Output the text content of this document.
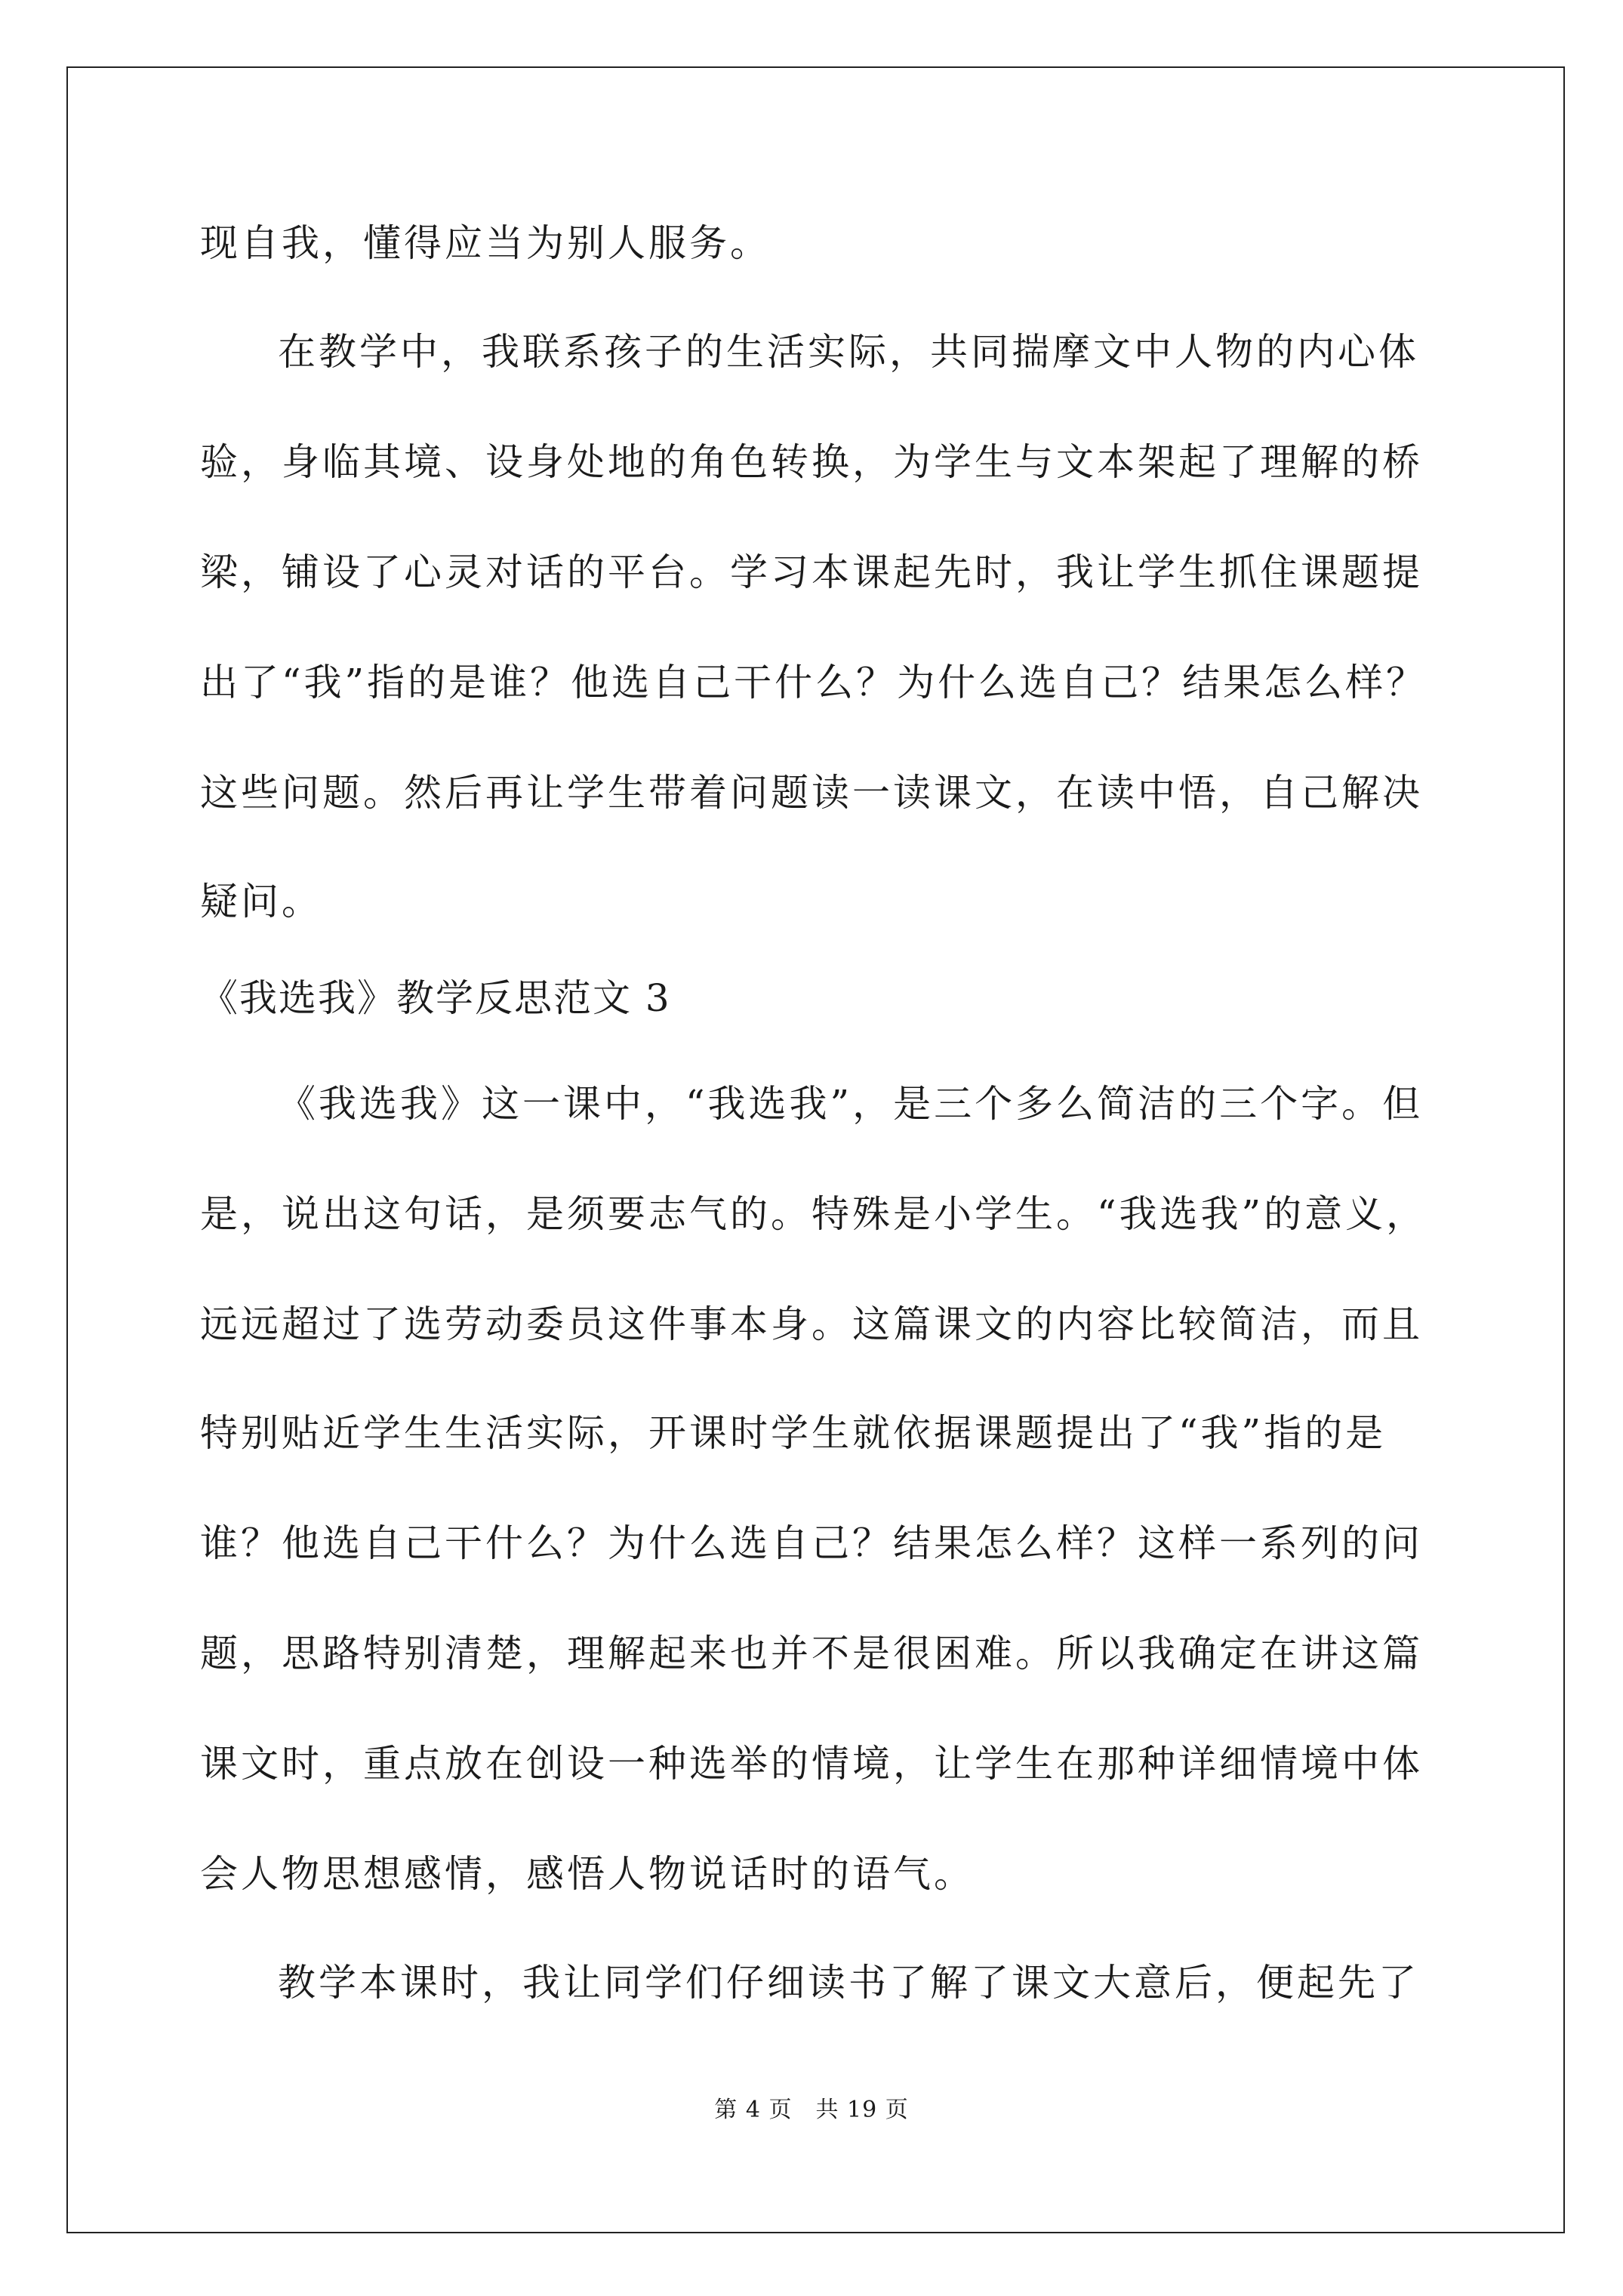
现自我，懂得应当为别人服务。
在教学中，我联系孩子的生活实际，共同揣摩文中人物的内心体
验，身临其境、设身处地的角色转换，为学生与文本架起了理解的桥
梁，铺设了心灵对话的平台。学习本课起先时，我让学生抓住课题提
出了“我”指的是谁？他选自己干什么？为什么选自己？结果怎么样？
这些问题。然后再让学生带着问题读一读课文，在读中悟，自己解决
疑问。
《我选我》教学反思范文 3
《我选我》这一课中，“我选我”，是三个多么简洁的三个字。但
是，说出这句话，是须要志气的。特殊是小学生。“我选我”的意义，
远远超过了选劳动委员这件事本身。这篇课文的内容比较简洁，而且
特别贴近学生生活实际，开课时学生就依据课题提出了“我”指的是
谁？他选自己干什么？为什么选自己？结果怎么样？这样一系列的问
题，思路特别清楚，理解起来也并不是很困难。所以我确定在讲这篇
课文时，重点放在创设一种选举的情境，让学生在那种详细情境中体
会人物思想感情，感悟人物说话时的语气。
教学本课时，我让同学们仔细读书了解了课文大意后，便起先了
第 4 页　共 19 页
